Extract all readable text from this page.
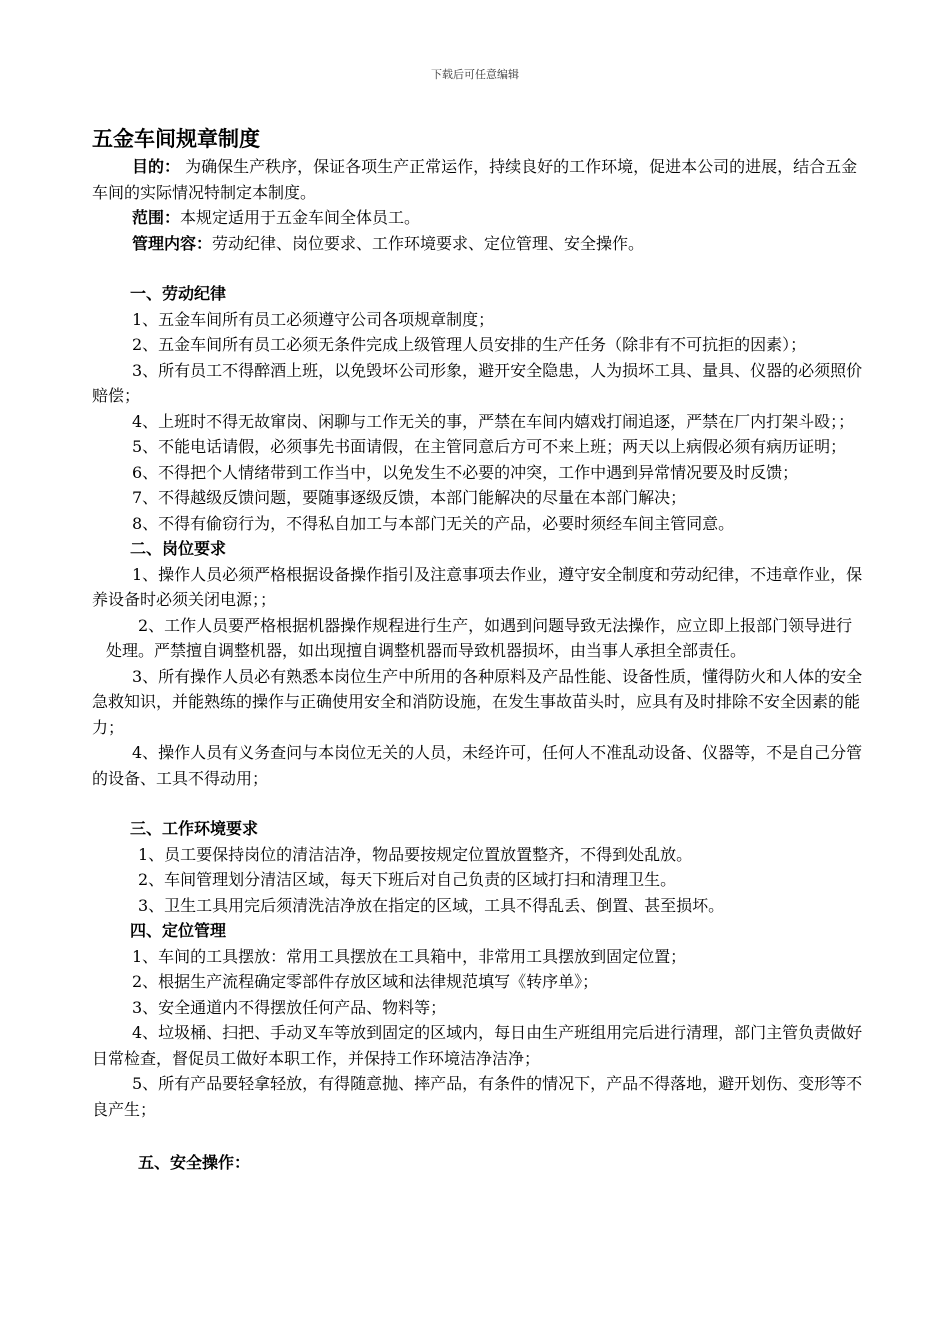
下载后可任意编辑
五金车间规章制度

目的： 为确保生产秩序，保证各项生产正常运作，持续良好的工作环境，促进本公司的进展，结合五金车间的实际情况特制定本制度。

范围：本规定适用于五金车间全体员工。

管理内容：劳动纪律、岗位要求、工作环境要求、定位管理、安全操作。

一、劳动纪律

1、五金车间所有员工必须遵守公司各项规章制度；

2、五金车间所有员工必须无条件完成上级管理人员安排的生产任务（除非有不可抗拒的因素）；

3、所有员工不得醉酒上班，以免毁坏公司形象，避开安全隐患，人为损坏工具、量具、仪器的必须照价赔偿；

4、上班时不得无故窜岗、闲聊与工作无关的事，严禁在车间内嬉戏打闹追逐，严禁在厂内打架斗殴；；

5、不能电话请假，必须事先书面请假，在主管同意后方可不来上班；两天以上病假必须有病历证明；

6、不得把个人情绪带到工作当中，以免发生不必要的冲突，工作中遇到异常情况要及时反馈；

7、不得越级反馈问题，要随事逐级反馈，本部门能解决的尽量在本部门解决；

8、不得有偷窃行为，不得私自加工与本部门无关的产品，必要时须经车间主管同意。

二、岗位要求

1、操作人员必须严格根据设备操作指引及注意事项去作业，遵守安全制度和劳动纪律，不违章作业，保养设备时必须关闭电源；；

2、工作人员要严格根据机器操作规程进行生产，如遇到问题导致无法操作，应立即上报部门领导进行处理。严禁擅自调整机器，如出现擅自调整机器而导致机器损坏，由当事人承担全部责任。

3、所有操作人员必有熟悉本岗位生产中所用的各种原料及产品性能、设备性质，懂得防火和人体的安全急救知识，并能熟练的操作与正确使用安全和消防设施，在发生事故苗头时，应具有及时排除不安全因素的能力；

4、操作人员有义务查问与本岗位无关的人员，未经许可，任何人不准乱动设备、仪器等，不是自己分管的设备、工具不得动用；

三、工作环境要求

1、员工要保持岗位的清洁洁净，物品要按规定位置放置整齐，不得到处乱放。

2、车间管理划分清洁区域，每天下班后对自己负责的区域打扫和清理卫生。

3、卫生工具用完后须清洗洁净放在指定的区域，工具不得乱丢、倒置、甚至损坏。

四、定位管理

1、车间的工具摆放：常用工具摆放在工具箱中，非常用工具摆放到固定位置；

2、根据生产流程确定零部件存放区域和法律规范填写《转序单》；

3、安全通道内不得摆放任何产品、物料等；

4、垃圾桶、扫把、手动叉车等放到固定的区域内，每日由生产班组用完后进行清理，部门主管负责做好日常检查，督促员工做好本职工作，并保持工作环境洁净洁净；

5、所有产品要轻拿轻放，有得随意抛、摔产品，有条件的情况下，产品不得落地，避开划伤、变形等不良产生；

五、安全操作：
